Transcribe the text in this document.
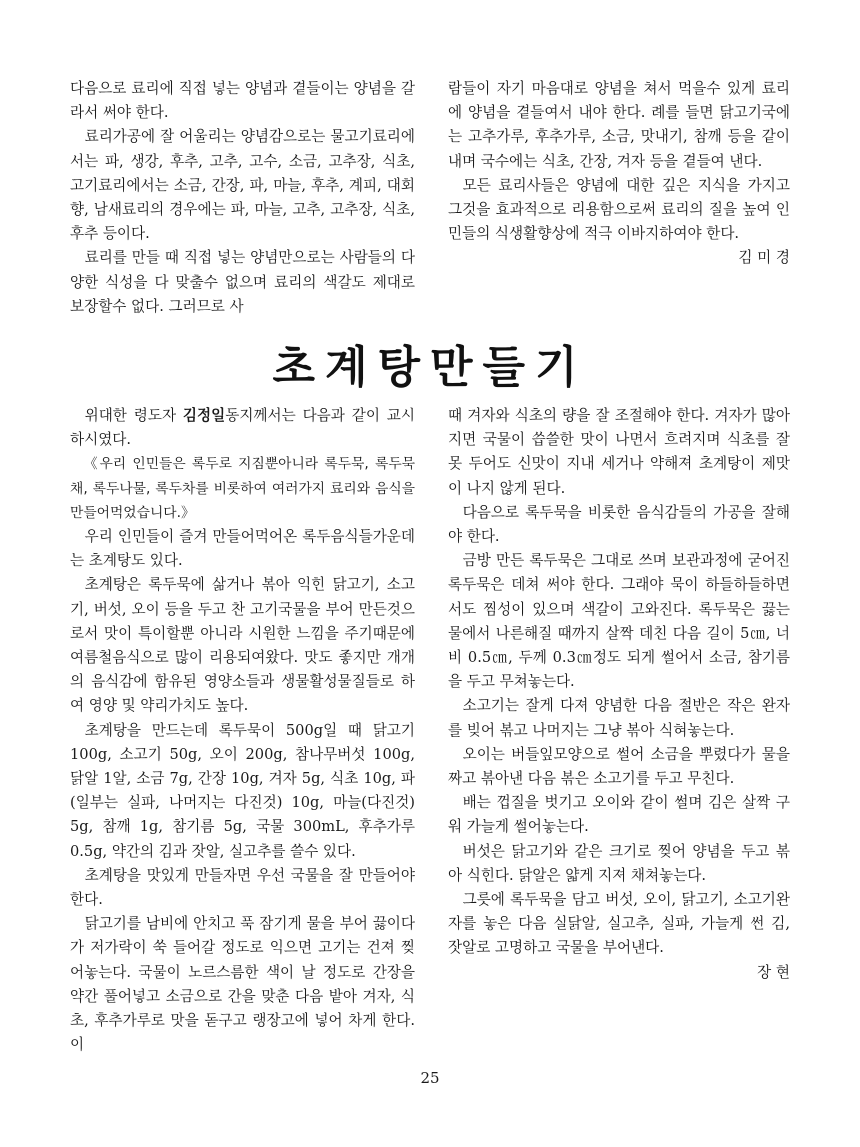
다음으로 료리에 직접 넣는 양념과 곁들이는 양념을 갈라서 써야 한다.

료리가공에 잘 어울리는 양념감으로는 물고기료리에서는 파, 생강, 후추, 고추, 고수, 소금, 고추장, 식초, 고기료리에서는 소금, 간장, 파, 마늘, 후추, 계피, 대회향, 남새료리의 경우에는 파, 마늘, 고추, 고추장, 식초, 후추 등이다.

료리를 만들 때 직접 넣는 양념만으로는 사람들의 다양한 식성을 다 맞출수 없으며 료리의 색갈도 제대로 보장할수 없다. 그러므로 사

람들이 자기 마음대로 양념을 쳐서 먹을수 있게 료리에 양념을 곁들여서 내야 한다. 례를 들면 닭고기국에는 고추가루, 후추가루, 소금, 맛내기, 참깨 등을 같이 내며 국수에는 식초, 간장, 겨자 등을 곁들여 낸다.

모든 료리사들은 양념에 대한 깊은 지식을 가지고 그것을 효과적으로 리용함으로써 료리의 질을 높여 인민들의 식생활향상에 적극 이바지하여야 한다.

김 미 경

초계탕만들기

위대한 령도자 김정일동지께서는 다음과 같이 교시하시였다.

《우리 인민들은 록두로 지짐뿐아니라 록두묵, 록두묵채, 록두나물, 록두차를 비롯하여 여러가지 료리와 음식을 만들어먹었습니다.》

우리 인민들이 즐겨 만들어먹어온 록두음식들가운데는 초계탕도 있다.

초계탕은 록두묵에 삶거나 볶아 익힌 닭고기, 소고기, 버섯, 오이 등을 두고 찬 고기국물을 부어 만든것으로서 맛이 특이할뿐 아니라 시원한 느낌을 주기때문에 여름철음식으로 많이 리용되여왔다. 맛도 좋지만 개개의 음식감에 함유된 영양소들과 생물활성물질들로 하여 영양 및 약리가치도 높다.

초계탕을 만드는데 록두묵이 500g일 때 닭고기 100g, 소고기 50g, 오이 200g, 참나무버섯 100g, 닭알 1알, 소금 7g, 간장 10g, 겨자 5g, 식초 10g, 파(일부는 실파, 나머지는 다진것) 10g, 마늘(다진것) 5g, 참깨 1g, 참기름 5g, 국물 300mL, 후추가루 0.5g, 약간의 김과 잣알, 실고추를 쓸수 있다.

초계탕을 맛있게 만들자면 우선 국물을 잘 만들어야 한다.

닭고기를 남비에 안치고 푹 잠기게 물을 부어 끓이다가 저가락이 쑥 들어갈 정도로 익으면 고기는 건져 찢어놓는다. 국물이 노르스름한 색이 날 정도로 간장을 약간 풀어넣고 소금으로 간을 맞춘 다음 밭아 겨자, 식초, 후추가루로 맛을 돋구고 랭장고에 넣어 차게 한다. 이

때 겨자와 식초의 량을 잘 조절해야 한다. 겨자가 많아지면 국물이 씁쓸한 맛이 나면서 흐려지며 식초를 잘못 두어도 신맛이 지내 세거나 약해져 초계탕이 제맛이 나지 않게 된다.

다음으로 록두묵을 비롯한 음식감들의 가공을 잘해야 한다.

금방 만든 록두묵은 그대로 쓰며 보관과정에 굳어진 록두묵은 데쳐 써야 한다. 그래야 묵이 하들하들하면서도 찜성이 있으며 색갈이 고와진다. 록두묵은 끓는물에서 나른해질 때까지 살짝 데친 다음 길이 5㎝, 너비 0.5㎝, 두께 0.3㎝정도 되게 썰어서 소금, 참기름을 두고 무쳐놓는다.

소고기는 잘게 다져 양념한 다음 절반은 작은 완자를 빚어 볶고 나머지는 그냥 볶아 식혀놓는다.

오이는 버들잎모양으로 썰어 소금을 뿌렸다가 물을 짜고 볶아낸 다음 볶은 소고기를 두고 무친다.

배는 껍질을 벗기고 오이와 같이 썰며 김은 살짝 구워 가늘게 썰어놓는다.

버섯은 닭고기와 같은 크기로 찢어 양념을 두고 볶아 식힌다. 닭알은 얇게 지져 채쳐놓는다.

그릇에 록두묵을 담고 버섯, 오이, 닭고기, 소고기완자를 놓은 다음 실닭알, 실고추, 실파, 가늘게 썬 김, 잣알로 고명하고 국물을 부어낸다.

장 현

25
